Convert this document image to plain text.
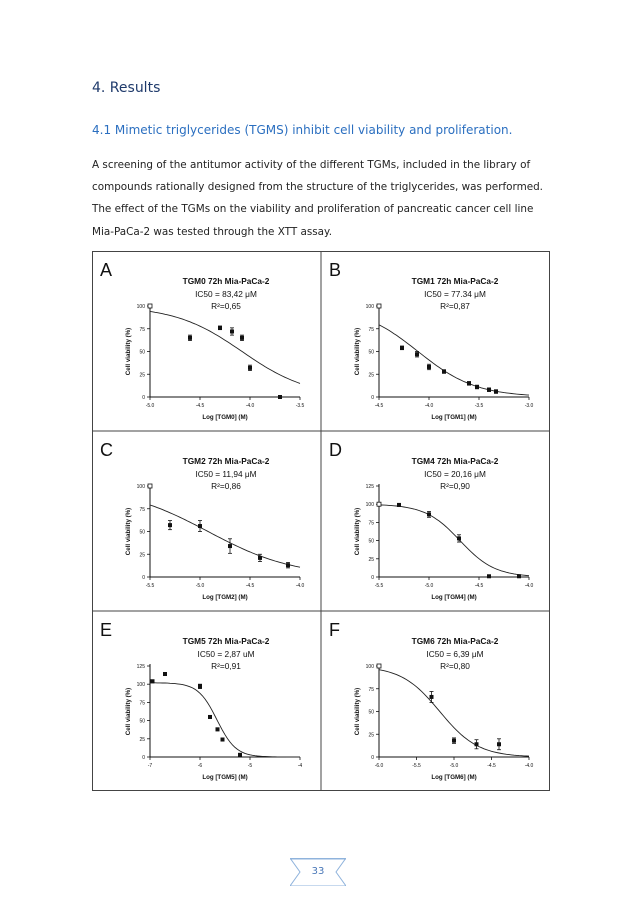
4. Results
4.1 Mimetic triglycerides (TGMS) inhibit cell viability and proliferation.
A screening of the antitumor activity of the different TGMs, included in the library of
compounds rationally designed from the structure of the triglycerides, was performed.
The effect of the TGMs on the viability and proliferation of pancreatic cancer cell line
Mia-PaCa-2 was tested through the XTT assay.
A
TGM0 72h Mia-PaCa-2
IC50 = 83,42 μM
R²=0,65
0
25
50
75
100
-5.0	-4.5	-4.0	-3.5
Log [TGM0] (M)
Cell viability (%)
B
TGM1 72h Mia-PaCa-2
IC50 = 77.34 μM
R²=0,87
0
25
50
75
100
-4.5	-4.0	-3.5	-3.0
Log [TGM1] (M)
Cell viability (%)
C
TGM2 72h Mia-PaCa-2
IC50 = 11,94 μM
R²=0,86
0
25
50
75
100
-5.5	-5.0	-4.5	-4.0
Log [TGM2] (M)
Cell viability (%)
D
TGM4 72h Mia-PaCa-2
IC50 = 20,16 μM
R²=0,90
0
25
50
75
100
125
-5.5	-5.0	-4.5	-4.0
Log [TGM4] (M)
Cell viability (%)
E
TGM5 72h Mia-PaCa-2
IC50 = 2,87 uM
R²=0,91
0
25
50
75
100
125
-7	-6	-5	-4
Log [TGM5] (M)
Cell viability (%)
F
TGM6 72h Mia-PaCa-2
IC50 = 6,39 μM
R²=0,80
0
25
50
75
100
-6.0	-5.5	-5.0	-4.5	-4.0
Log [TGM6] (M)
Cell viability (%)
33
